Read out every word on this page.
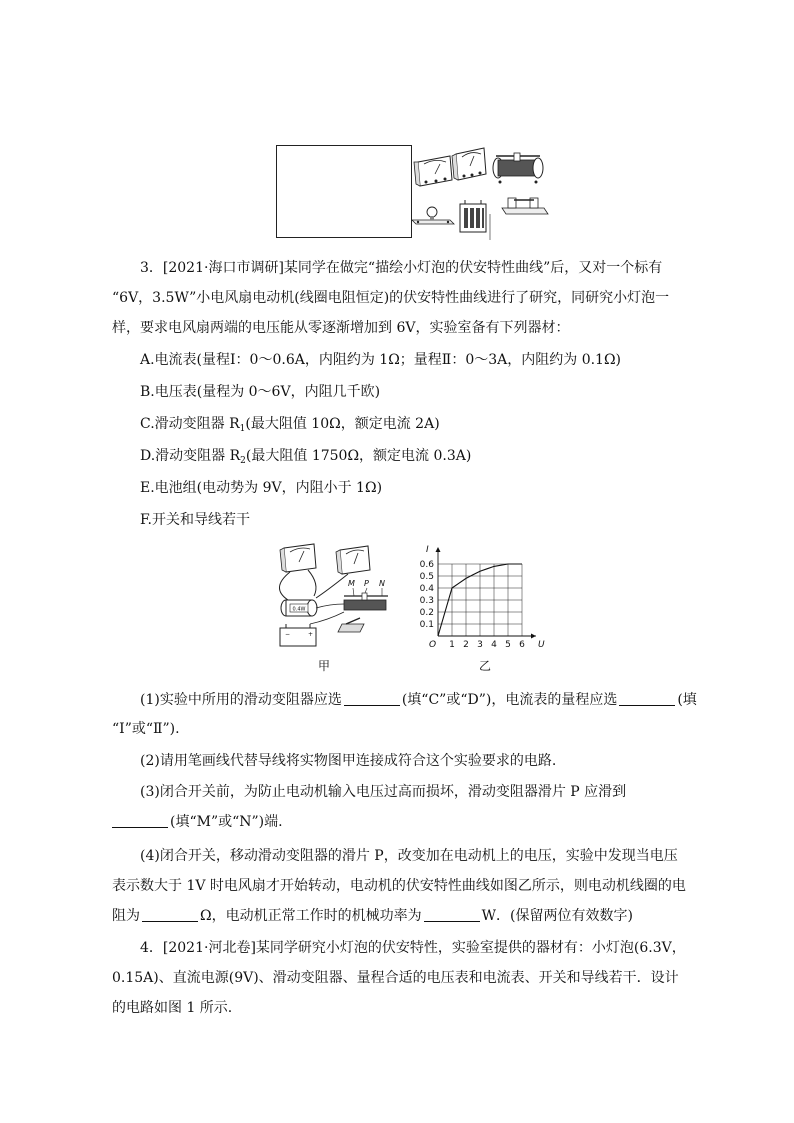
3．[2021·海口市调研]某同学在做完“描绘小灯泡的伏安特性曲线”后，又对一个标有
“6V，3.5W”小电风扇电动机(线圈电阻恒定)的伏安特性曲线进行了研究，同研究小灯泡一
样，要求电风扇两端的电压能从零逐渐增加到 6V，实验室备有下列器材：
A.电流表(量程Ⅰ：0～0.6A，内阻约为 1Ω；量程Ⅱ：0～3A，内阻约为 0.1Ω)
B.电压表(量程为 0～6V，内阻几千欧)
C.滑动变阻器 $R_1$(最大阻值 10Ω，额定电流 2A)
D.滑动变阻器 $R_2$(最大阻值 1750Ω，额定电流 0.3A)
E.电池组(电动势为 9V，内阻小于 1Ω)
F.开关和导线若干
0.4W
M P N
−	+
甲
1 2 3 4 5 6
0.1
0.2
0.3
0.4
0.5
0.6
O	U
I
乙
(1)实验中所用的滑动变阻器应选	(填“C”或“D”)，电流表的量程应选	(填
“Ⅰ”或“Ⅱ”).
(2)请用笔画线代替导线将实物图甲连接成符合这个实验要求的电路.
(3)闭合开关前，为防止电动机输入电压过高而损坏，滑动变阻器滑片 P 应滑到
(填“M”或“N”)端.
(4)闭合开关，移动滑动变阻器的滑片 P，改变加在电动机上的电压，实验中发现当电压
表示数大于 1V 时电风扇才开始转动，电动机的伏安特性曲线如图乙所示，则电动机线圈的电
阻为	Ω，电动机正常工作时的机械功率为	W．(保留两位有效数字)
4．[2021·河北卷]某同学研究小灯泡的伏安特性，实验室提供的器材有：小灯泡(6.3V，
0.15A)、直流电源(9V)、滑动变阻器、量程合适的电压表和电流表、开关和导线若干．设计
的电路如图 1 所示.
